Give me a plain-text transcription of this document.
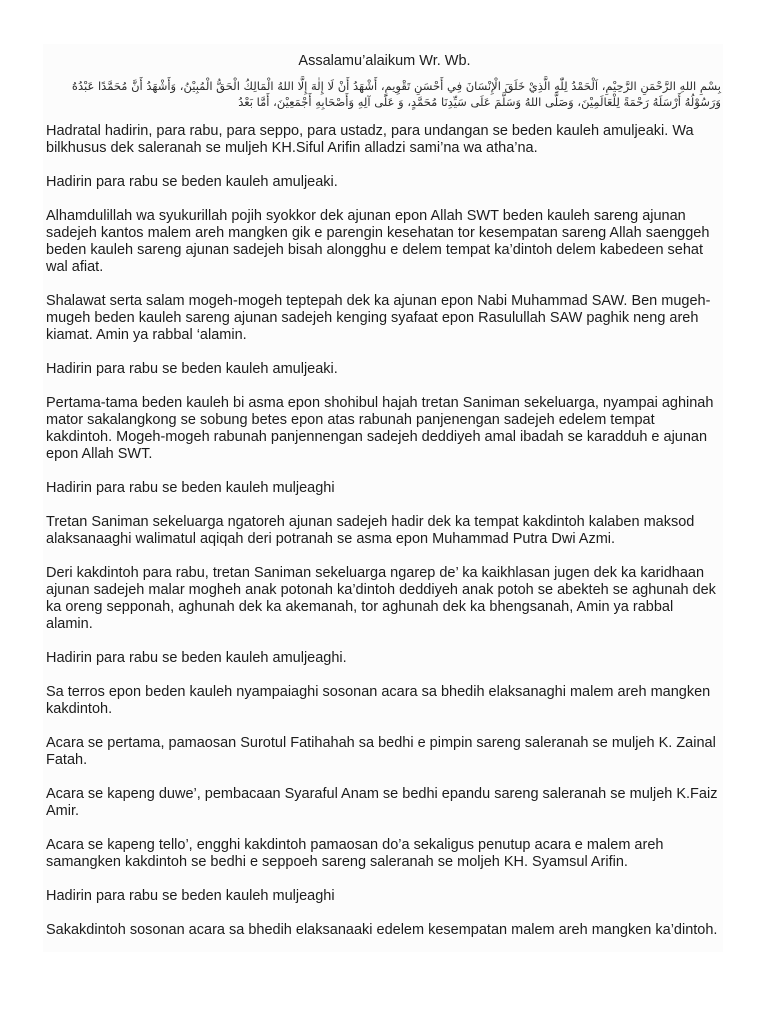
Assalamu’alaikum Wr. Wb.
بِسْمِ اللهِ الرَّحْمَنِ الرَّحِيْمِ، اَلْحَمْدُ لِلّٰهِ الَّذِيْ خَلَقَ الْإِنْسَانَ فِي أَحْسَنِ تَقْوِيمٍ، أَشْهَدُ أَنْ لَا إِلٰهَ إِلَّا اللهُ الْمَالِكُ الْحَقُّ الْمُبِيْنُ، وَأَشْهَدُ أَنَّ مُحَمَّدًا عَبْدُهُ وَرَسُوْلُهُ أَرْسَلَهُ رَحْمَةً لِلْعَالَمِيْنَ، وَصَلَّى اللهُ وَسَلَّمَ عَلَى سَيِّدِنَا مُحَمَّدٍ، وَ عَلَى آلِهِ وَأَصْحَابِهِ أَجْمَعِيْنَ، أَمَّا بَعْدُ

Hadratal hadirin, para rabu, para seppo, para ustadz, para undangan se beden kauleh amuljeaki. Wa bilkhusus dek saleranah se muljeh KH.Siful Arifin alladzi sami’na wa atha’na.

Hadirin para rabu se beden kauleh amuljeaki.

Alhamdulillah wa syukurillah pojih syokkor dek ajunan epon Allah SWT beden kauleh sareng ajunan sadejeh kantos malem areh mangken gik e parengin kesehatan tor kesempatan sareng Allah saenggeh beden kauleh sareng ajunan sadejeh bisah alongghu e delem tempat ka’dintoh delem kabedeen sehat wal afiat.

Shalawat serta salam mogeh-mogeh teptepah dek ka ajunan epon Nabi Muhammad SAW. Ben mugeh-mugeh beden kauleh sareng ajunan sadejeh kenging syafaat epon Rasulullah SAW paghik neng areh kiamat. Amin ya rabbal ‘alamin.

Hadirin para rabu se beden kauleh amuljeaki.

Pertama-tama beden kauleh bi asma epon shohibul hajah tretan Saniman sekeluarga, nyampai aghinah mator sakalangkong se sobung betes epon atas rabunah panjenengan sadejeh edelem tempat kakdintoh. Mogeh-mogeh rabunah panjennengan sadejeh deddiyeh amal ibadah se karadduh e ajunan epon Allah SWT.

Hadirin para rabu se beden kauleh muljeaghi

Tretan Saniman sekeluarga ngatoreh ajunan sadejeh hadir dek ka tempat kakdintoh kalaben maksod alaksanaaghi walimatul aqiqah deri potranah se asma epon Muhammad Putra Dwi Azmi.

Deri kakdintoh para rabu, tretan Saniman sekeluarga ngarep de’ ka kaikhlasan jugen dek ka karidhaan ajunan sadejeh malar mogheh anak potonah ka’dintoh deddiyeh anak potoh se abekteh se aghunah dek ka oreng sepponah, aghunah dek ka akemanah, tor aghunah dek ka bhengsanah, Amin ya rabbal alamin.

Hadirin para rabu se beden kauleh amuljeaghi.

Sa terros epon beden kauleh nyampaiaghi sosonan acara sa bhedih elaksanaghi malem areh mangken kakdintoh.

Acara se pertama, pamaosan Surotul Fatihahah sa bedhi e pimpin sareng saleranah se muljeh K. Zainal Fatah.

Acara se kapeng duwe’, pembacaan Syaraful Anam se bedhi epandu sareng saleranah se muljeh K.Faiz Amir.

Acara se kapeng tello’, engghi kakdintoh pamaosan do’a sekaligus penutup acara e malem areh samangken kakdintoh se bedhi e seppoeh sareng saleranah se moljeh KH. Syamsul Arifin.

Hadirin para rabu se beden kauleh muljeaghi

Sakakdintoh sosonan acara sa bhedih elaksanaaki edelem kesempatan malem areh mangken ka’dintoh.
